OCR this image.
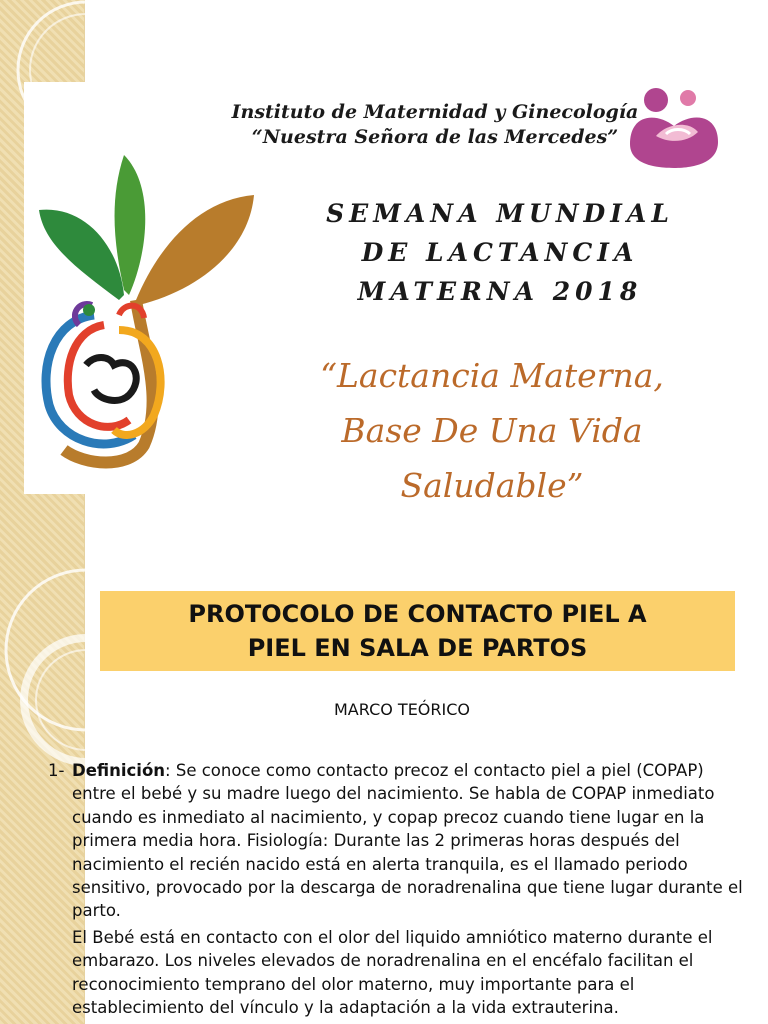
Instituto de Maternidad y Ginecología
“Nuestra Señora de las Mercedes”
SEMANA MUNDIAL
DE LACTANCIA
MATERNA 2018
“Lactancia Materna,
Base De Una Vida Saludable”

PROTOCOLO DE CONTACTO PIEL A
PIEL EN SALA DE PARTOS

MARCO TEÓRICO
1- Definición: Se conoce como contacto precoz el contacto piel a piel (COPAP) entre el bebé y su madre luego del nacimiento. Se habla de COPAP inmediato cuando es inmediato al nacimiento, y copap precoz cuando tiene lugar en la primera media hora. Fisiología: Durante las 2 primeras horas después del nacimiento el recién nacido está en alerta tranquila, es el llamado periodo sensitivo, provocado por la descarga de noradrenalina que tiene lugar durante el parto.
El Bebé está en contacto con el olor del liquido amniótico materno durante el embarazo. Los niveles elevados de noradrenalina en el encéfalo facilitan el reconocimiento temprano del olor materno, muy importante para el establecimiento del vínculo y la adaptación a la vida extrauterina.
